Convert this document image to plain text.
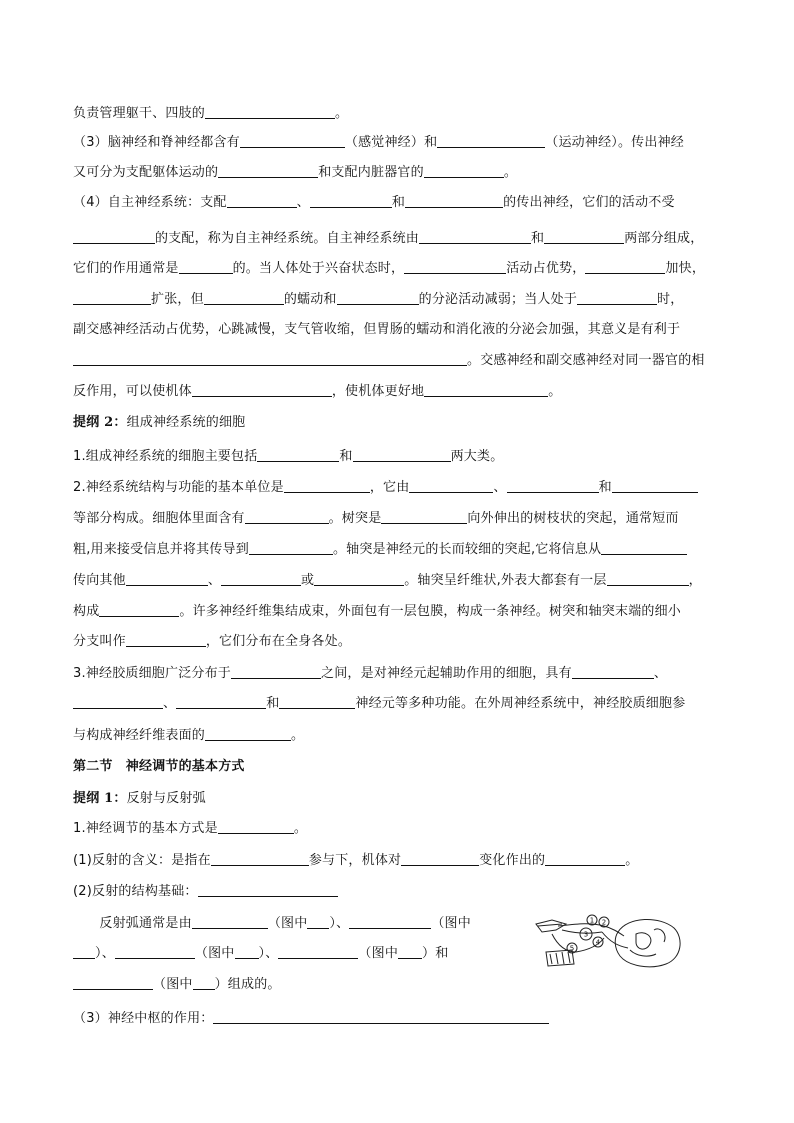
负责管理躯干、四肢的	。
（3）脑神经和脊神经都含有	（感觉神经）和	（运动神经）。传出神经
又可分为支配躯体运动的	和支配内脏器官的	。
（4）自主神经系统：支配	、	和	的传出神经，它们的活动不受
的支配，称为自主神经系统。自主神经系统由	和	两部分组成，
它们的作用通常是	的。当人体处于兴奋状态时，	活动占优势，	加快，
扩张，但	的蠕动和	的分泌活动减弱；当人处于	时，
副交感神经活动占优势，心跳减慢，支气管收缩，但胃肠的蠕动和消化液的分泌会加强，其意义是有利于
。交感神经和副交感神经对同一器官的相
反作用，可以使机体	，使机体更好地	。
提纲 2：组成神经系统的细胞
1.组成神经系统的细胞主要包括	和	两大类。
2.神经系统结构与功能的基本单位是	，它由	、	和
等部分构成。细胞体里面含有	。树突是	向外伸出的树枝状的突起，通常短而
粗,用来接受信息并将其传导到	。轴突是神经元的长而较细的突起,它将信息从
传向其他	、	或	。轴突呈纤维状,外表大都套有一层	，
构成	。许多神经纤维集结成束，外面包有一层包膜，构成一条神经。树突和轴突末端的细小
分支叫作	，它们分布在全身各处。
3.神经胶质细胞广泛分布于	之间，是对神经元起辅助作用的细胞，具有	、
、	和	神经元等多种功能。在外周神经系统中，神经胶质细胞参
与构成神经纤维表面的	。
第二节　神经调节的基本方式
提纲 1：反射与反射弧
1.神经调节的基本方式是	。
(1)反射的含义：是指在	参与下，机体对	变化作出的	。
(2)反射的结构基础：
　　反射弧通常是由	（图中 ）、	（图中
）、	（图中 ）、	（图中 ）和
（图中 ）组成的。
（3）神经中枢的作用：
1 2
3
4
5
